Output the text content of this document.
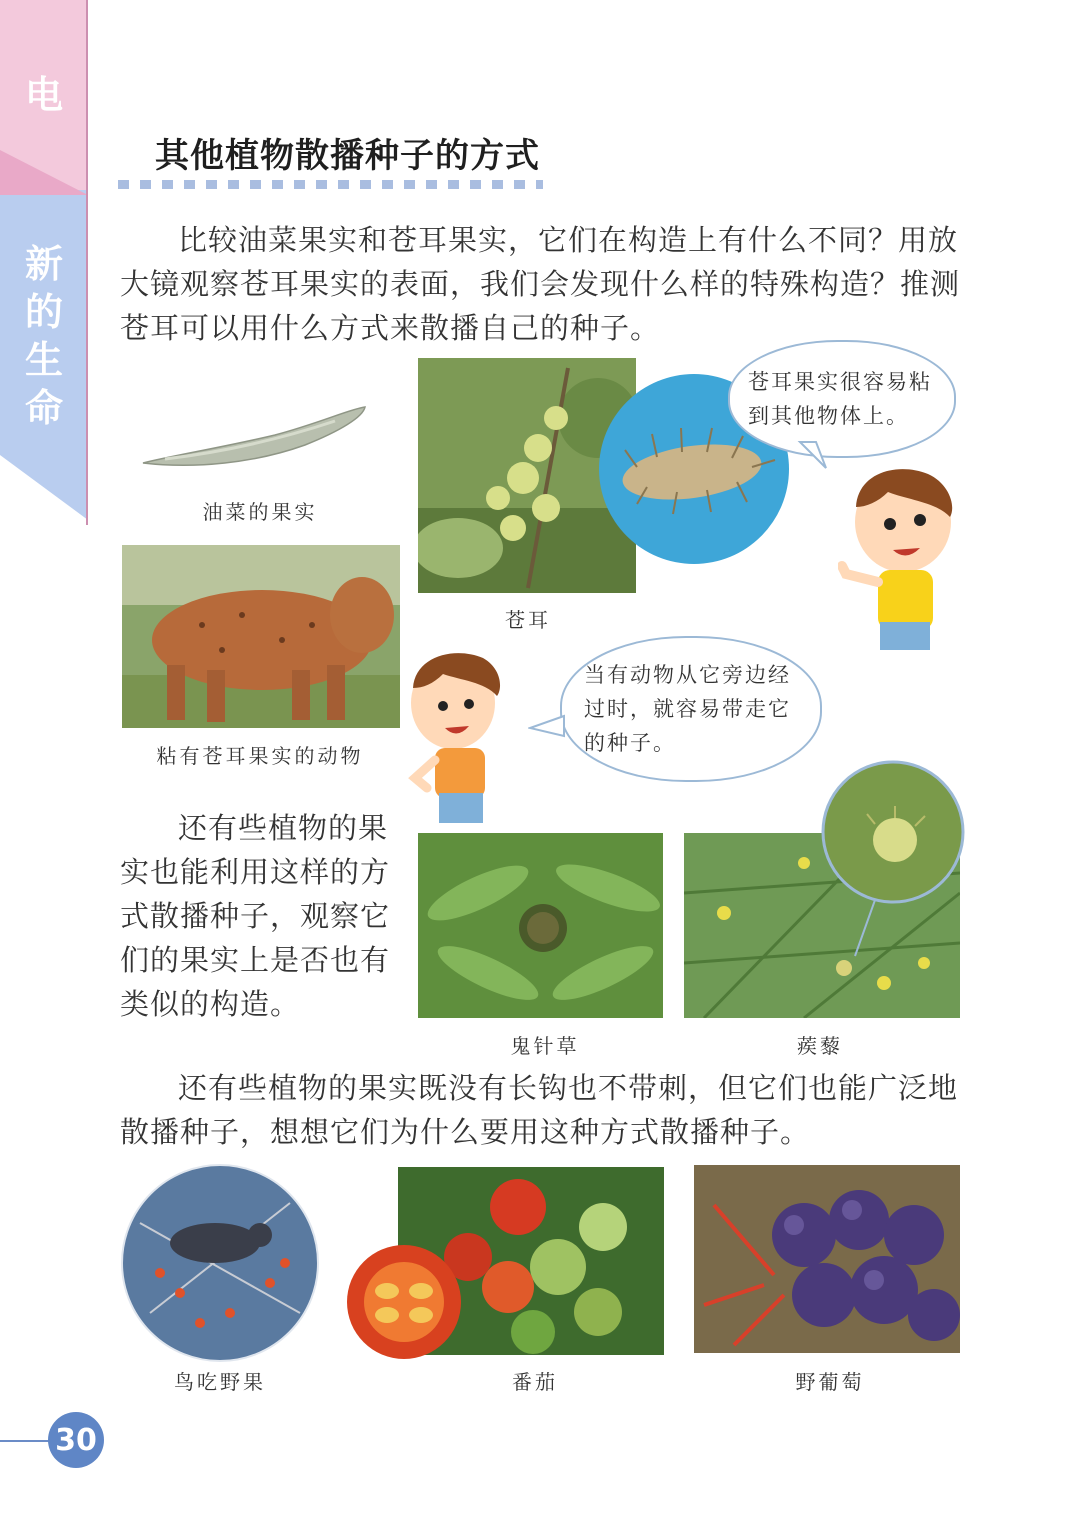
电
新的生命
其他植物散播种子的方式
比较油菜果实和苍耳果实，它们在构造上有什么不同？用放大镜观察苍耳果实的表面，我们会发现什么样的特殊构造？推测苍耳可以用什么方式来散播自己的种子。
油菜的果实
苍耳
苍耳果实很容易粘到其他物体上。
粘有苍耳果实的动物
当有动物从它旁边经过时，就容易带走它的种子。
还有些植物的果实也能利用这样的方式散播种子，观察它们的果实上是否也有类似的构造。
鬼针草	蒺藜
还有些植物的果实既没有长钩也不带刺，但它们也能广泛地散播种子，想想它们为什么要用这种方式散播种子。
鸟吃野果	番茄	野葡萄
30
